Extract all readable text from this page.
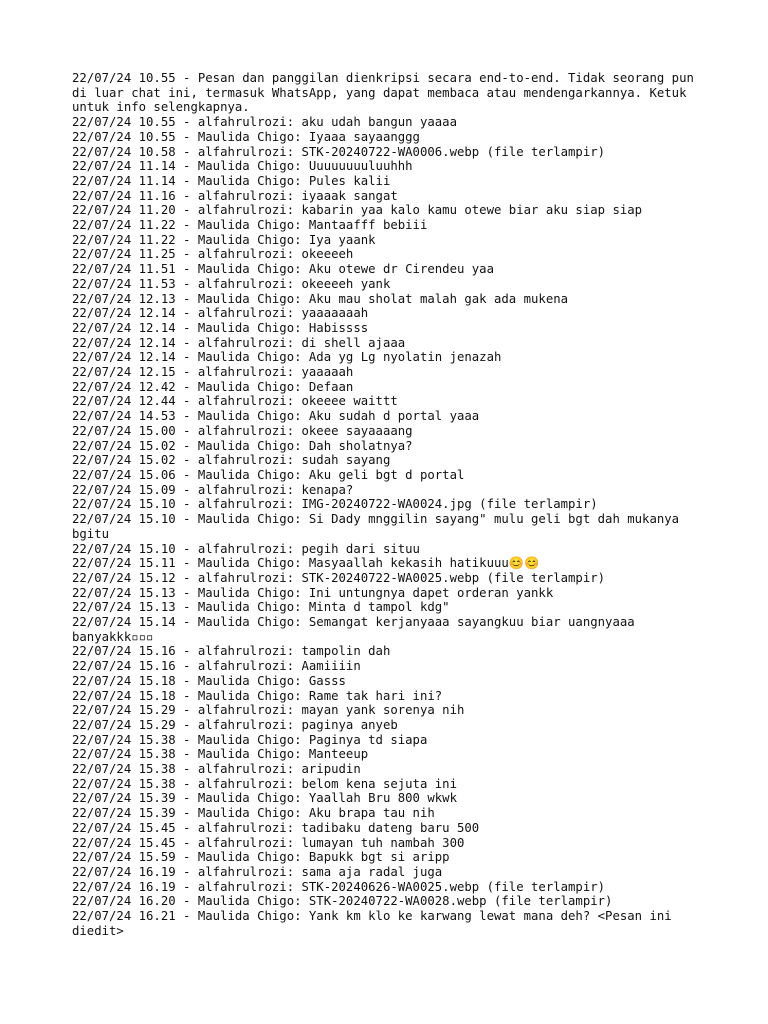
22/07/24 10.55 - Pesan dan panggilan dienkripsi secara end-to-end. Tidak seorang pun di luar chat ini, termasuk WhatsApp, yang dapat membaca atau mendengarkannya. Ketuk untuk info selengkapnya.
22/07/24 10.55 - alfahrulrozi: aku udah bangun yaaaa
22/07/24 10.55 - Maulida Chigo: Iyaaa sayaanggg
22/07/24 10.58 - alfahrulrozi: STK-20240722-WA0006.webp (file terlampir)
22/07/24 11.14 - Maulida Chigo: Uuuuuuuuluuhhh
22/07/24 11.14 - Maulida Chigo: Pules kalii
22/07/24 11.16 - alfahrulrozi: iyaaak sangat
22/07/24 11.20 - alfahrulrozi: kabarin yaa kalo kamu otewe biar aku siap siap
22/07/24 11.22 - Maulida Chigo: Mantaafff bebiii
22/07/24 11.22 - Maulida Chigo: Iya yaank
22/07/24 11.25 - alfahrulrozi: okeeeeh
22/07/24 11.51 - Maulida Chigo: Aku otewe dr Cirendeu yaa
22/07/24 11.53 - alfahrulrozi: okeeeeh yank
22/07/24 12.13 - Maulida Chigo: Aku mau sholat malah gak ada mukena
22/07/24 12.14 - alfahrulrozi: yaaaaaaah
22/07/24 12.14 - Maulida Chigo: Habissss
22/07/24 12.14 - alfahrulrozi: di shell ajaaa
22/07/24 12.14 - Maulida Chigo: Ada yg Lg nyolatin jenazah
22/07/24 12.15 - alfahrulrozi: yaaaaah
22/07/24 12.42 - Maulida Chigo: Defaan
22/07/24 12.44 - alfahrulrozi: okeeee waittt
22/07/24 14.53 - Maulida Chigo: Aku sudah d portal yaaa
22/07/24 15.00 - alfahrulrozi: okeee sayaaaang
22/07/24 15.02 - Maulida Chigo: Dah sholatnya?
22/07/24 15.02 - alfahrulrozi: sudah sayang
22/07/24 15.06 - Maulida Chigo: Aku geli bgt d portal
22/07/24 15.09 - alfahrulrozi: kenapa?
22/07/24 15.10 - alfahrulrozi: IMG-20240722-WA0024.jpg (file terlampir)
22/07/24 15.10 - Maulida Chigo: Si Dady mnggilin sayang" mulu geli bgt dah mukanya bgitu
22/07/24 15.10 - alfahrulrozi: pegih dari situu
22/07/24 15.11 - Maulida Chigo: Masyaallah kekasih hatikuuu😊😊
22/07/24 15.12 - alfahrulrozi: STK-20240722-WA0025.webp (file terlampir)
22/07/24 15.13 - Maulida Chigo: Ini untungnya dapet orderan yankk
22/07/24 15.13 - Maulida Chigo: Minta d tampol kdg"
22/07/24 15.14 - Maulida Chigo: Semangat kerjanyaaa sayangkuu biar uangnyaaa banyakkk▫▫▫
22/07/24 15.16 - alfahrulrozi: tampolin dah
22/07/24 15.16 - alfahrulrozi: Aamiiiin
22/07/24 15.18 - Maulida Chigo: Gasss
22/07/24 15.18 - Maulida Chigo: Rame tak hari ini?
22/07/24 15.29 - alfahrulrozi: mayan yank sorenya nih
22/07/24 15.29 - alfahrulrozi: paginya anyeb
22/07/24 15.38 - Maulida Chigo: Paginya td siapa
22/07/24 15.38 - Maulida Chigo: Manteeup
22/07/24 15.38 - alfahrulrozi: aripudin
22/07/24 15.38 - alfahrulrozi: belom kena sejuta ini
22/07/24 15.39 - Maulida Chigo: Yaallah Bru 800 wkwk
22/07/24 15.39 - Maulida Chigo: Aku brapa tau nih
22/07/24 15.45 - alfahrulrozi: tadibaku dateng baru 500
22/07/24 15.45 - alfahrulrozi: lumayan tuh nambah 300
22/07/24 15.59 - Maulida Chigo: Bapukk bgt si aripp
22/07/24 16.19 - alfahrulrozi: sama aja radal juga
22/07/24 16.19 - alfahrulrozi: STK-20240626-WA0025.webp (file terlampir)
22/07/24 16.20 - Maulida Chigo: STK-20240722-WA0028.webp (file terlampir)
22/07/24 16.21 - Maulida Chigo: Yank km klo ke karwang lewat mana deh? <Pesan ini diedit>
